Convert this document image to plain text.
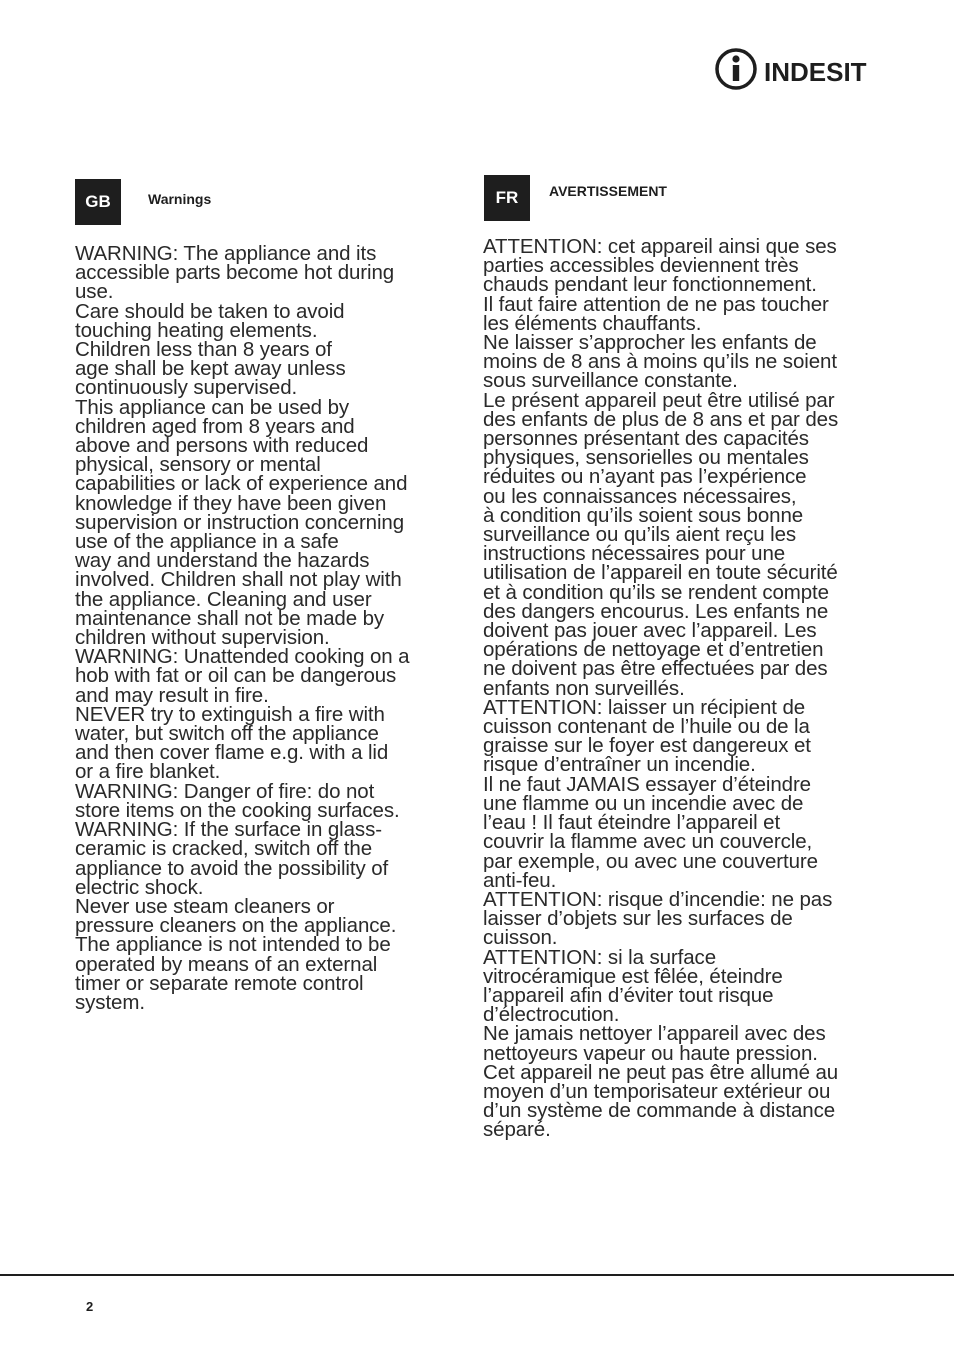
INDESIT
GB	Warnings
WARNING: The appliance and its
accessible parts become hot during
use.
Care should be taken to avoid
touching heating elements.
Children less than 8 years of
age shall be kept away unless
continuously supervised.
This appliance can be used by
children aged from 8 years and
above and persons with reduced
physical, sensory or mental
capabilities or lack of experience and
knowledge if they have been given
supervision or instruction concerning
use of the appliance in a safe
way and understand the hazards
involved. Children shall not play with
the appliance. Cleaning and user
maintenance shall not be made by
children without supervision.
WARNING: Unattended cooking on a
hob with fat or oil can be dangerous
and may result in fire.
NEVER try to extinguish a fire with
water, but switch off the appliance
and then cover flame e.g. with a lid
or a fire blanket.
WARNING: Danger of fire: do not
store items on the cooking surfaces.
WARNING: If the surface in glass-
ceramic is cracked, switch off the
appliance to avoid the possibility of
electric shock.
Never use steam cleaners or
pressure cleaners on the appliance.
The appliance is not intended to be
operated by means of an external
timer or separate remote control
system.
FR	AVERTISSEMENT
ATTENTION: cet appareil ainsi que ses
parties accessibles deviennent très
chauds pendant leur fonctionnement.
Il faut faire attention de ne pas toucher
les éléments chauffants.
Ne laisser s’approcher les enfants de
moins de 8 ans à moins qu’ils ne soient
sous surveillance constante.
Le présent appareil peut être utilisé par
des enfants de plus de 8 ans et par des
personnes présentant des capacités
physiques, sensorielles ou mentales
réduites ou n’ayant pas l’expérience
ou les connaissances nécessaires,
à condition qu’ils soient sous bonne
surveillance ou qu’ils aient reçu les
instructions nécessaires pour une
utilisation de l’appareil en toute sécurité
et à condition qu’ils se rendent compte
des dangers encourus. Les enfants ne
doivent pas jouer avec l’appareil. Les
opérations de nettoyage et d’entretien
ne doivent pas être effectuées par des
enfants non surveillés.
ATTENTION: laisser un récipient de
cuisson contenant de l’huile ou de la
graisse sur le foyer est dangereux et
risque d’entraîner un incendie.
Il ne faut JAMAIS essayer d’éteindre
une flamme ou un incendie avec de
l’eau ! Il faut éteindre l’appareil et
couvrir la flamme avec un couvercle,
par exemple, ou avec une couverture
anti-feu.
ATTENTION: risque d’incendie: ne pas
laisser d’objets sur les surfaces de
cuisson.
ATTENTION: si la surface
vitrocéramique est fêlée, éteindre
l’appareil afin d’éviter tout risque
d’électrocution.
Ne jamais nettoyer l’appareil avec des
nettoyeurs vapeur ou haute pression.
Cet appareil ne peut pas être allumé au
moyen d’un temporisateur extérieur ou
d’un système de commande à distance
séparé.
2
